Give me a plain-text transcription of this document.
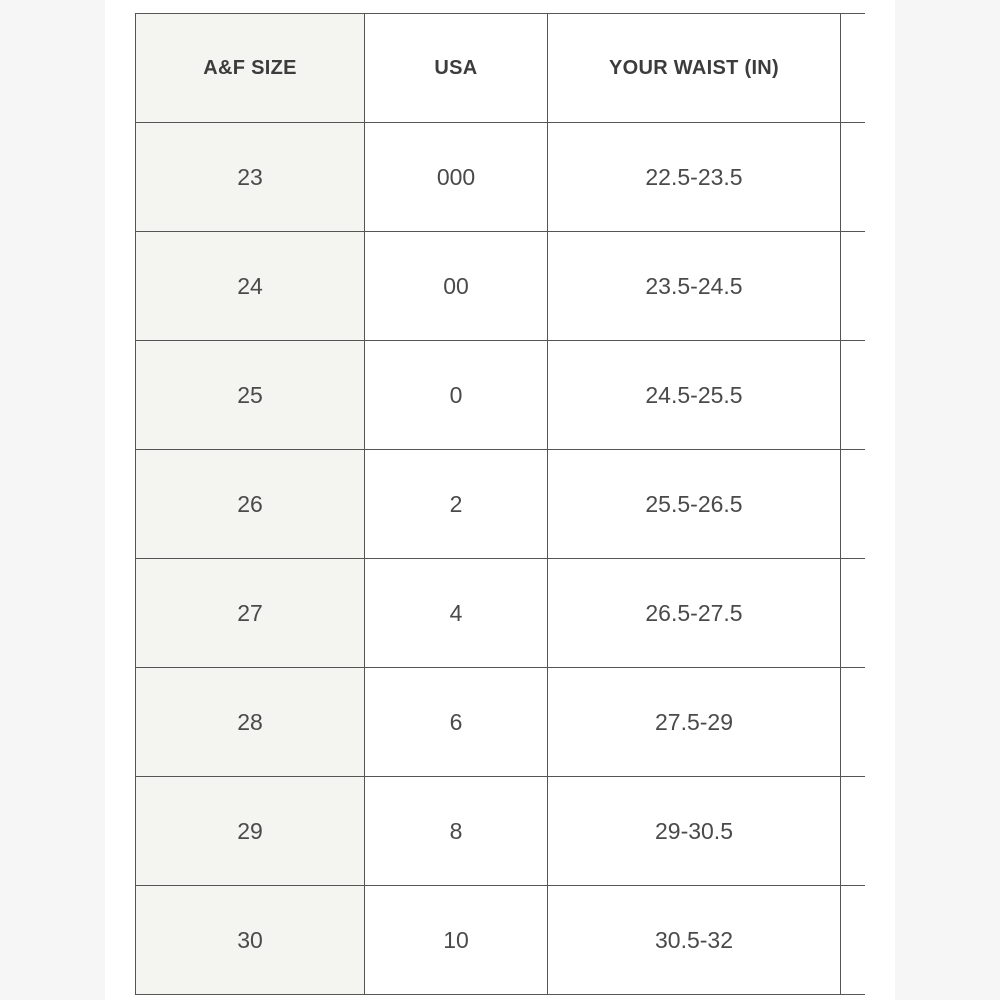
A&F SIZE	USA	YOUR WAIST (IN)	
23	000	22.5-23.5	
24	00	23.5-24.5	
25	0	24.5-25.5	
26	2	25.5-26.5	
27	4	26.5-27.5	
28	6	27.5-29	
29	8	29-30.5	
30	10	30.5-32	
